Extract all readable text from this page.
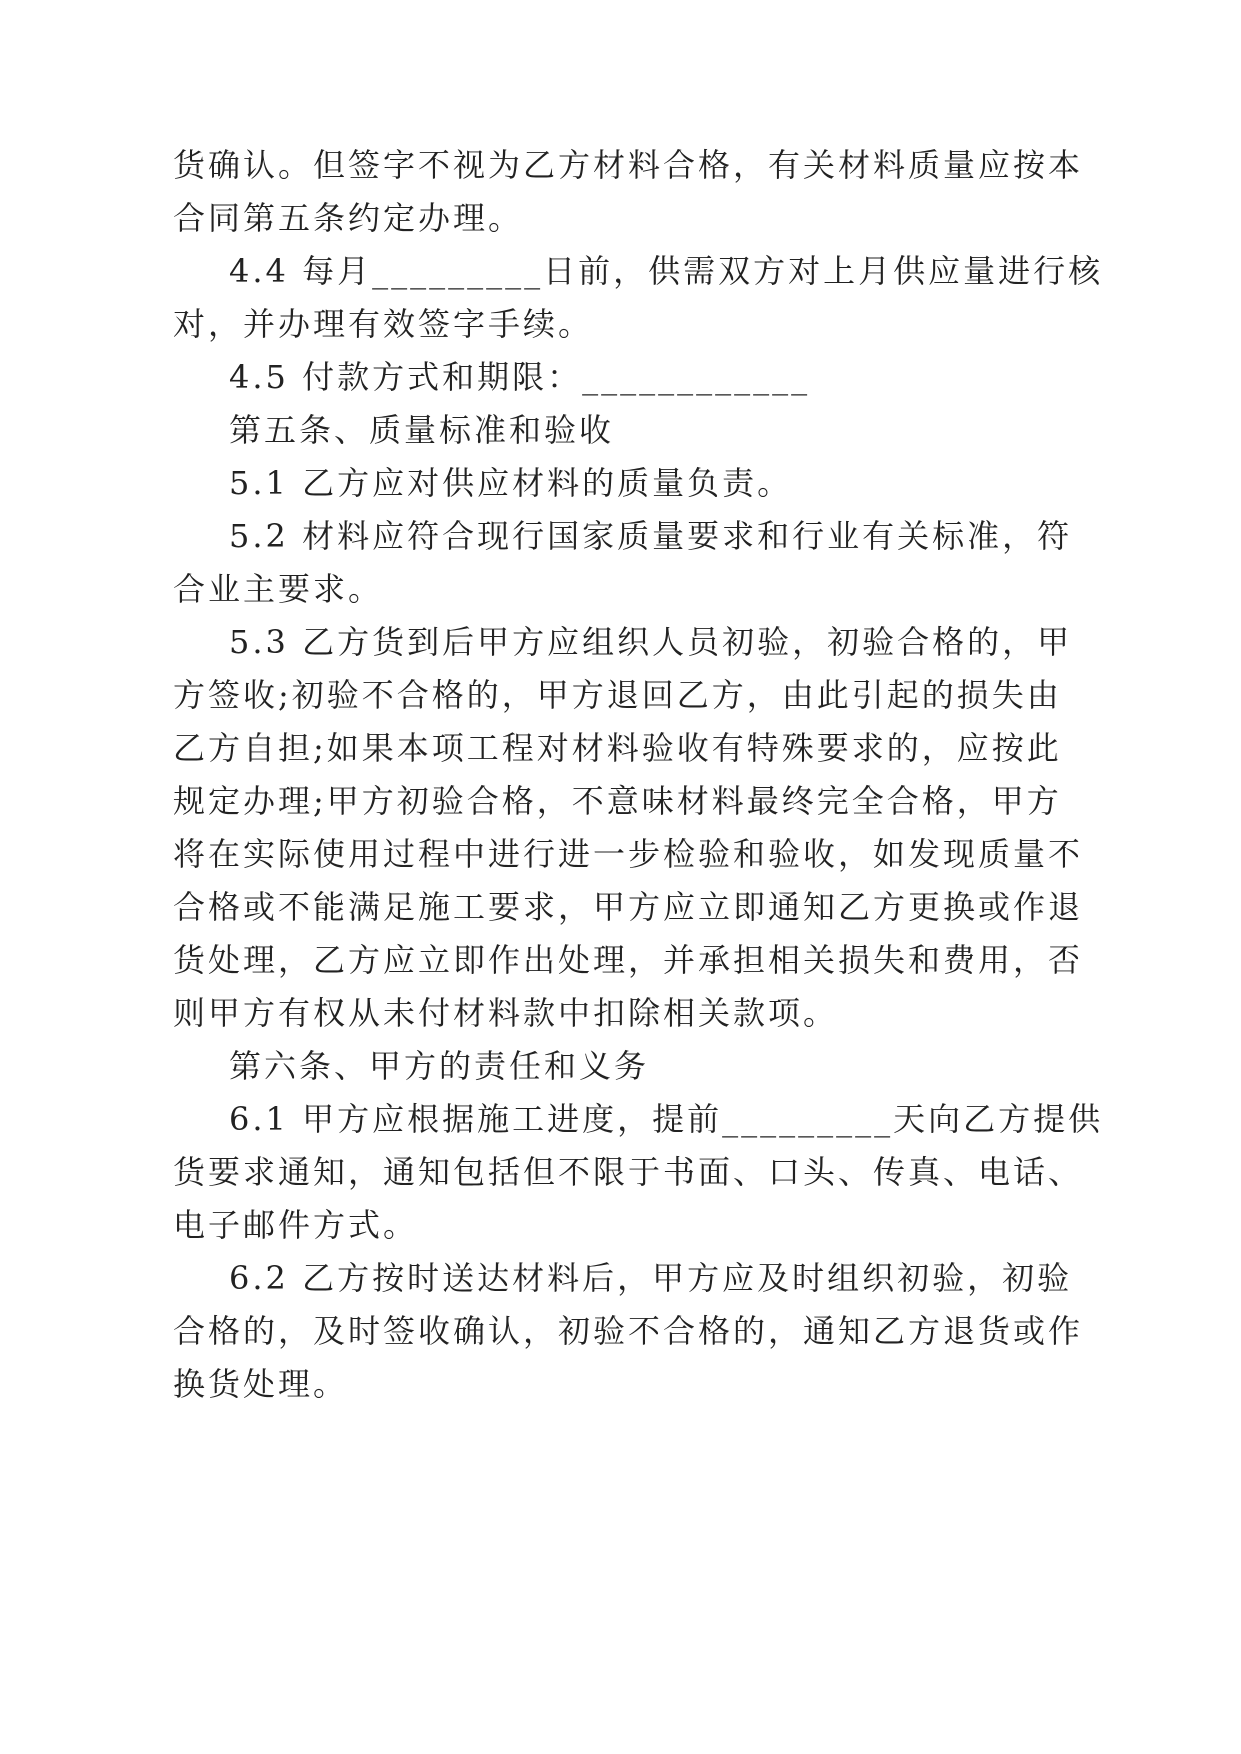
货确认。但签字不视为乙方材料合格，有关材料质量应按本
合同第五条约定办理。
4.4 每月_________日前，供需双方对上月供应量进行核
对，并办理有效签字手续。
4.5 付款方式和期限：____________
第五条、质量标准和验收
5.1 乙方应对供应材料的质量负责。
5.2 材料应符合现行国家质量要求和行业有关标准，符
合业主要求。
5.3 乙方货到后甲方应组织人员初验，初验合格的，甲
方签收;初验不合格的，甲方退回乙方，由此引起的损失由
乙方自担;如果本项工程对材料验收有特殊要求的，应按此
规定办理;甲方初验合格，不意味材料最终完全合格，甲方
将在实际使用过程中进行进一步检验和验收，如发现质量不
合格或不能满足施工要求，甲方应立即通知乙方更换或作退
货处理，乙方应立即作出处理，并承担相关损失和费用，否
则甲方有权从未付材料款中扣除相关款项。
第六条、甲方的责任和义务
6.1 甲方应根据施工进度，提前_________天向乙方提供
货要求通知，通知包括但不限于书面、口头、传真、电话、
电子邮件方式。
6.2 乙方按时送达材料后，甲方应及时组织初验，初验
合格的，及时签收确认，初验不合格的，通知乙方退货或作
换货处理。
